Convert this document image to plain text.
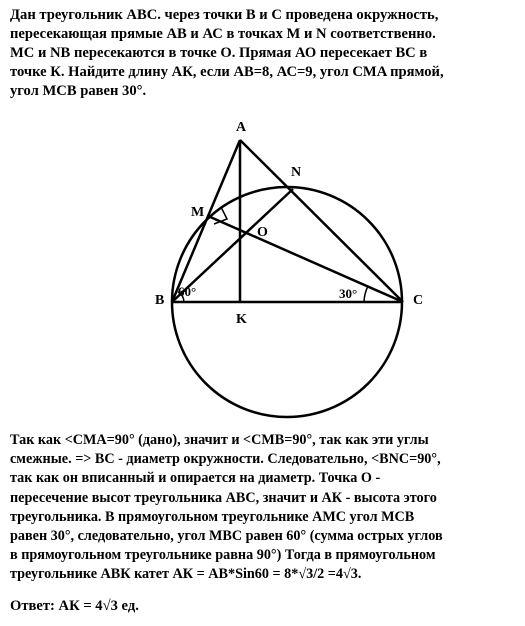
Дан треугольник ABC. через точки В и С проведена окружность,

пересекающая прямые АВ и АС в точках M и N соответственно.

MC и NB пересекаются в точке О. Прямая АО пересекает ВС в

точке К. Найдите длину АК, если АВ=8, АС=9, угол CMA прямой,

угол MCB равен 30°.

A
N
M
O
B	C
K
60°	30°

Так как <CMA=90° (дано), значит и <CMB=90°, так как эти углы

смежные. => ВС - диаметр окружности. Следовательно, <BNC=90°,

так как он вписанный и опирается на диаметр. Точка О -

пересечение высот треугольника АВС, значит и АК - высота этого

треугольника. В прямоугольном треугольнике AMC угол MCB

равен 30°, следовательно, угол MBC равен 60° (сумма острых углов

в прямоугольном треугольнике равна 90°) Тогда в прямоугольном

треугольнике АВК катет АК = АВ*Sin60 = 8*√3/2 =4√3.

Ответ: АК = 4√3 ед.
